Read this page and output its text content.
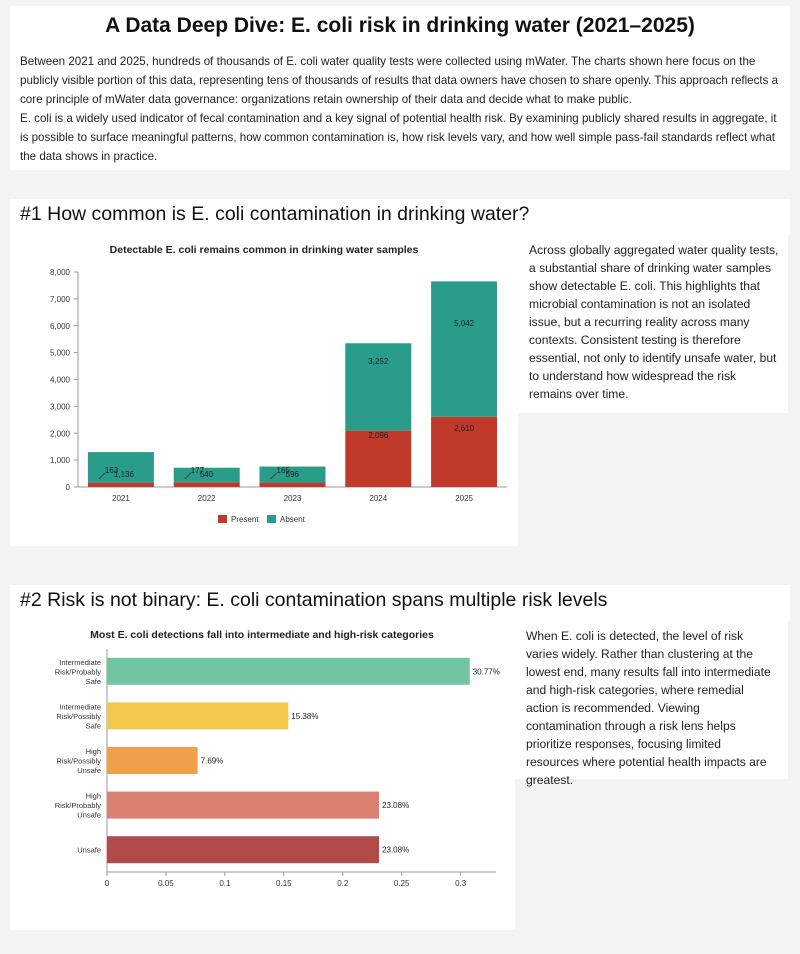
A Data Deep Dive: E. coli risk in drinking water (2021–2025)
Between 2021 and 2025, hundreds of thousands of E. coli water quality tests were collected using mWater. The charts shown here focus on the publicly visible portion of this data, representing tens of thousands of results that data owners have chosen to share openly. This approach reflects a core principle of mWater data governance: organizations retain ownership of their data and decide what to make public.
E. coli is a widely used indicator of fecal contamination and a key signal of potential health risk. By examining publicly shared results in aggregate, it is possible to surface meaningful patterns, how common contamination is, how risk levels vary, and how well simple pass-fail standards reflect what the data shows in practice.
#1 How common is E. coli contamination in drinking water?
Detectable E. coli remains common in drinking water samples
0
1,000
2,000
3,000
4,000
5,000
6,000
7,000
8,000
2021
163
1,136
2022
177
540
2023
165
596
2024
2,096
3,252
2025
2,610
5,042
Present	Absent
Across globally aggregated water quality tests, a substantial share of drinking water samples show detectable E. coli. This highlights that microbial contamination is not an isolated issue, but a recurring reality across many contexts. Consistent testing is therefore essential, not only to identify unsafe water, but to understand how widespread the risk remains over time.
#2 Risk is not binary: E. coli contamination spans multiple risk levels
Most E. coli detections fall into intermediate and high-risk categories
0	0.05	0.1	0.15	0.2	0.25	0.3
30.77%
Intermediate
Risk/Probably
Safe
15.38%
Intermediate
Risk/Possibly
Safe
7.69%
High
Risk/Possibly
Unsafe
23.08%
High
Risk/Probably
Unsafe
23.08%
Unsafe
When E. coli is detected, the level of risk varies widely. Rather than clustering at the lowest end, many results fall into intermediate and high-risk categories, where remedial action is recommended. Viewing contamination through a risk lens helps prioritize responses, focusing limited resources where potential health impacts are greatest.
